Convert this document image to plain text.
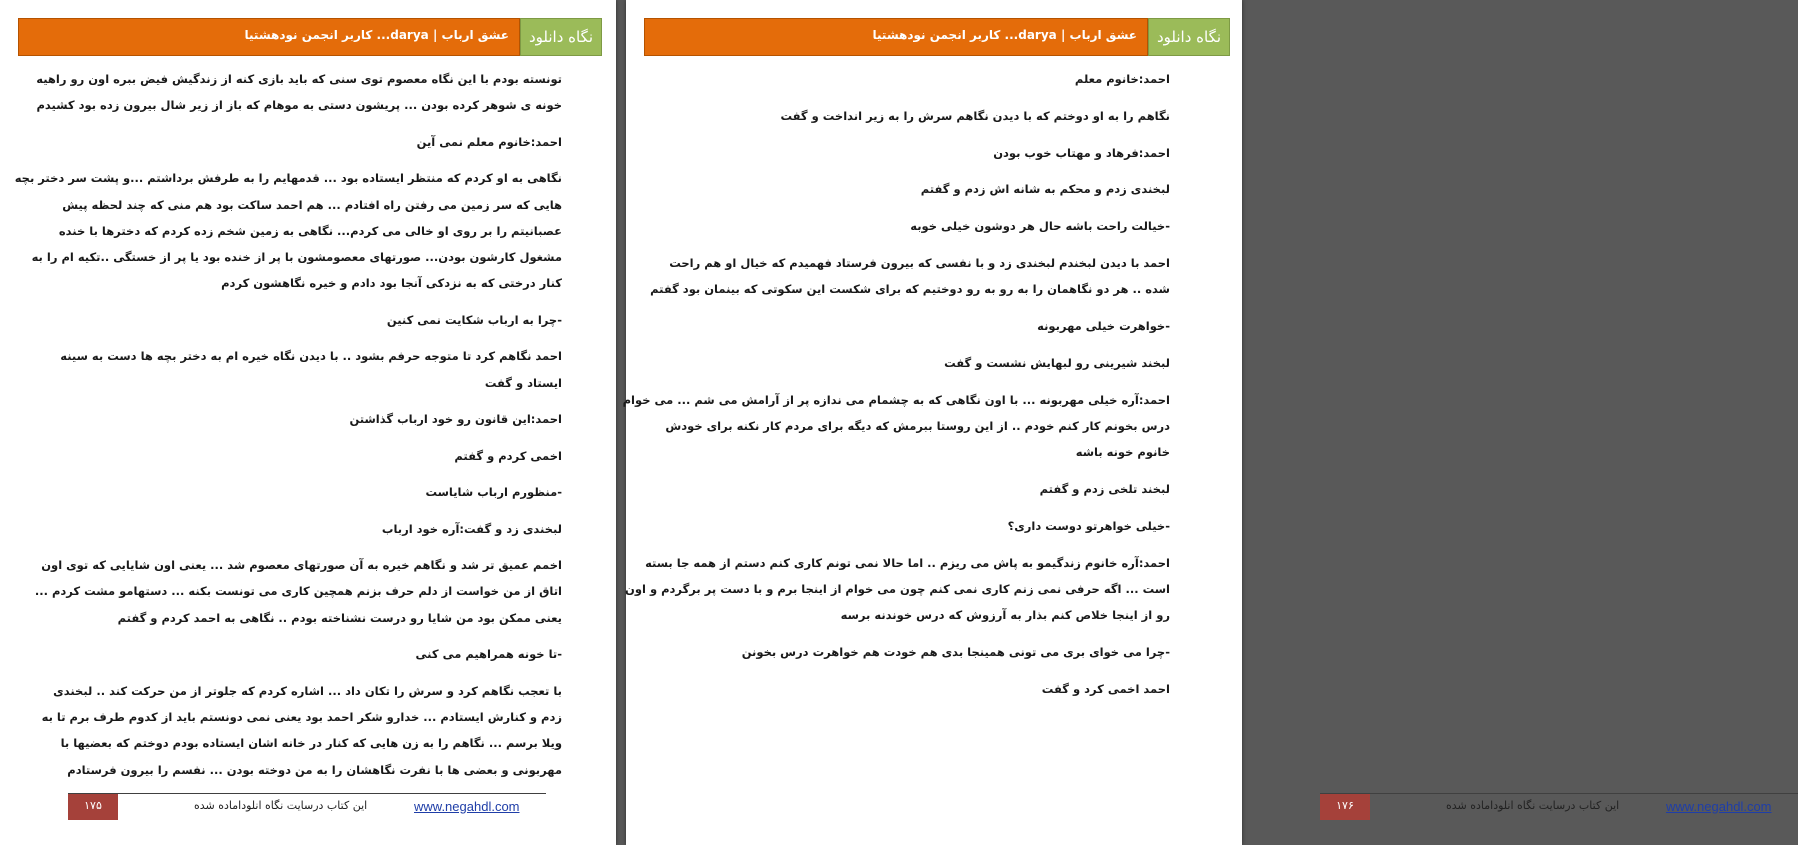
عشق ارباب | darya... کاربر انجمن نودهشتیا	نگاه دانلود
تونسته بودم با این نگاه معصوم توی سنی که باید بازی کنه از زندگیش فیض ببره اون رو راهیه
خونه ی شوهر کرده بودن ... پریشون دستی به موهام که باز از زیر شال بیرون زده بود کشیدم
احمد:خانوم معلم نمی آین
نگاهی به او کردم که منتظر ایستاده بود ... قدمهایم را به طرفش برداشتم ...و پشت سر دختر بچه
هایی که سر زمین می رفتن راه افتادم ... هم احمد ساکت بود هم منی که چند لحظه پیش
عصبانیتم را بر روی او خالی می کردم... نگاهی به زمین شخم زده کردم که دخترها با خنده
مشغول کارشون بودن... صورتهای معصومشون با پر از خنده بود یا پر از خستگی ..تکیه ام را به
کنار درختی که به نزدکی آنجا بود دادم و خیره نگاهشون کردم
-چرا به ارباب شکایت نمی کنین
احمد نگاهم کرد تا متوجه حرفم بشود .. با دیدن نگاه خیره ام به دختر بچه ها دست به سینه
ایستاد و گفت
احمد:این قانون رو خود ارباب گذاشتن
اخمی کردم و گفتم
-منظورم ارباب شایاست
لبخندی زد و گفت:آره خود ارباب
اخمم عمیق تر شد و نگاهم خیره به آن صورتهای معصوم شد ... یعنی اون شایایی که توی اون
اتاق از من خواست از دلم حرف بزنم همچین کاری می تونست بکنه ... دستهامو مشت کردم ...
یعنی ممکن بود من شایا رو درست نشناخته بودم .. نگاهی به احمد کردم و گفتم
-تا خونه همراهیم می کنی
با تعجب نگاهم کرد و سرش را تکان داد ... اشاره کردم که جلوتر از من حرکت کند .. لبخندی
زدم و کنارش ایستادم ... خدارو شکر احمد بود یعنی نمی دونستم باید از کدوم طرف برم تا به
ویلا برسم ... نگاهم را به زن هایی که کنار در خانه اشان ایستاده بودم دوختم که بعضیها با
مهربونی و بعضی ها با نفرت نگاهشان را به من دوخته بودن ... نفسم را بیرون فرستادم
۱۷۵	این کتاب درسایت نگاه انلوداماده شده	www.negahdl.com
عشق ارباب | darya... کاربر انجمن نودهشتیا	نگاه دانلود
احمد:خانوم معلم
نگاهم را به او دوختم که با دیدن نگاهم سرش را به زیر انداخت و گفت
احمد:فرهاد و مهتاب خوب بودن
لبخندی زدم و محکم به شانه اش زدم و گفتم
-خیالت راحت باشه حال هر دوشون خیلی خوبه
احمد با دیدن لبخندم لبخندی زد و با نفسی که بیرون فرستاد فهمیدم که خیال او هم راحت
شده .. هر دو نگاهمان را به رو به رو دوختیم که برای شکست این سکوتی که بینمان بود گفتم
-خواهرت خیلی مهربونه
لبخند شیرینی رو لبهایش نشست و گفت
احمد:آره خیلی مهربونه ... با اون نگاهی که به چشمام می ندازه پر از آرامش می شم ... می خوام
درس بخونم کار کنم خودم .. از این روستا ببرمش که دیگه برای مردم کار نکنه برای خودش
خانوم خونه باشه
لبخند تلخی زدم و گفتم
-خیلی خواهرتو دوست داری؟
احمد:آره خانوم زندگیمو به پاش می ریزم .. اما حالا نمی تونم کاری کنم دستم از همه جا بسته
است ... اگه حرفی نمی زنم کاری نمی کنم چون می خوام از اینجا برم و با دست پر برگردم و اون
رو از اینجا خلاص کنم بذار به آرزوش که درس خوندنه برسه
-چرا می خوای بری می تونی همینجا بدی هم خودت هم خواهرت درس بخونن
احمد اخمی کرد و گفت
۱۷۶	این کتاب درسایت نگاه انلوداماده شده	www.negahdl.com
